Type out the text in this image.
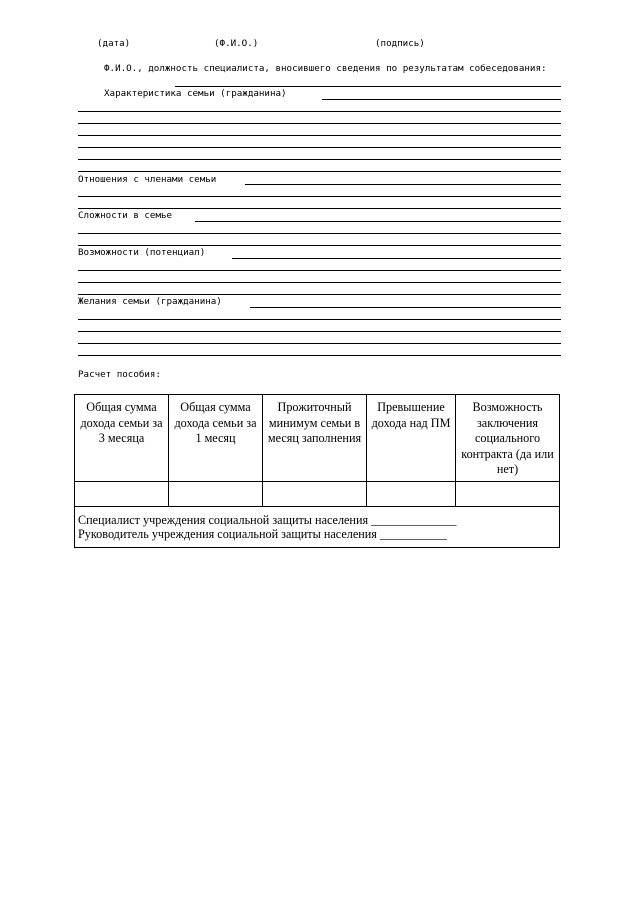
(дата)	(Ф.И.О.)	(подпись)
Ф.И.О., должность специалиста, вносившего сведения по результатам собеседования:
Характеристика семьи (гражданина)
Отношения с членами семьи
Сложности в семье
Возможности (потенциал)
Желания семьи (гражданина)
Расчет пособия:
Общая сумма дохода семьи за 3 месяца	Общая сумма дохода семьи за 1 месяц	Прожиточный минимум семьи в месяц заполнения	Превышение дохода над ПМ	Возможность заключения социального контракта (да или нет)

Специалист учреждения социальной защиты населения ______________
Руководитель учреждения социальной защиты населения ___________				
